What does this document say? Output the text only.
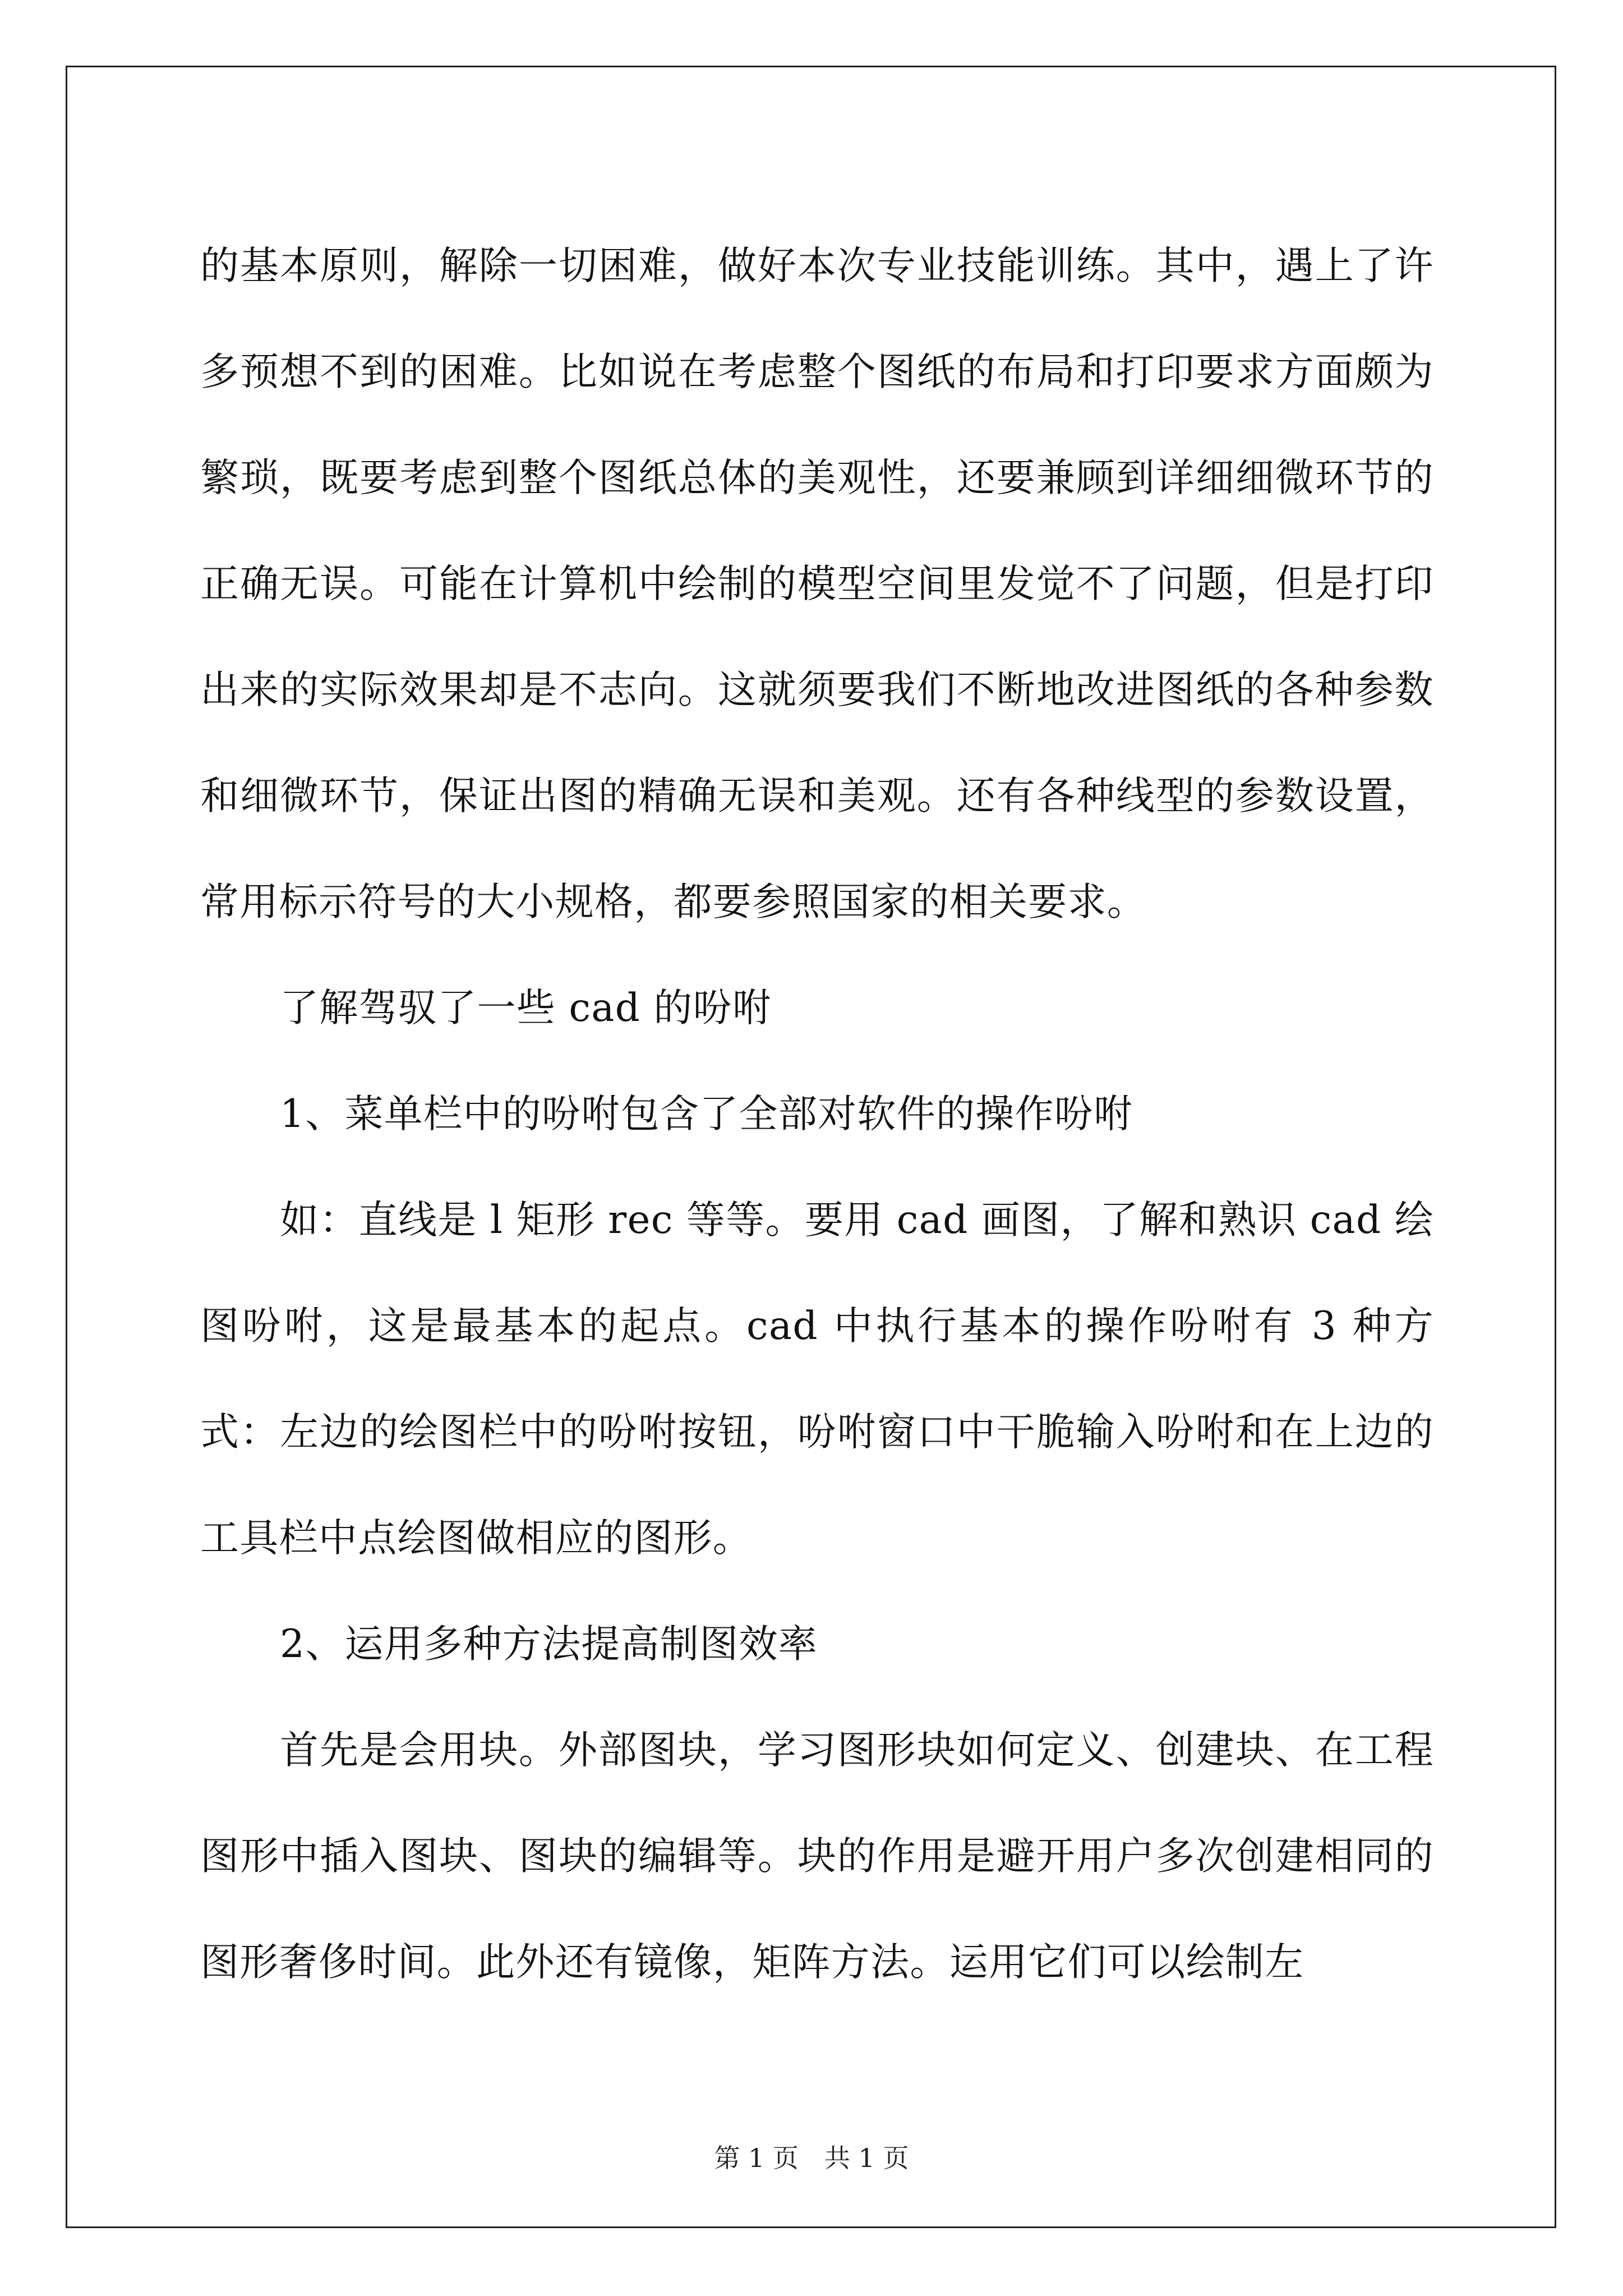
的基本原则，解除一切困难，做好本次专业技能训练。其中，遇上了许多预想不到的困难。比如说在考虑整个图纸的布局和打印要求方面颇为繁琐，既要考虑到整个图纸总体的美观性，还要兼顾到详细细微环节的正确无误。可能在计算机中绘制的模型空间里发觉不了问题，但是打印出来的实际效果却是不志向。这就须要我们不断地改进图纸的各种参数和细微环节，保证出图的精确无误和美观。还有各种线型的参数设置，常用标示符号的大小规格，都要参照国家的相关要求。

了解驾驭了一些 cad 的吩咐

1、菜单栏中的吩咐包含了全部对软件的操作吩咐

如：直线是 l 矩形 rec 等等。要用 cad 画图，了解和熟识 cad 绘图吩咐，这是最基本的起点。cad 中执行基本的操作吩咐有 3 种方式：左边的绘图栏中的吩咐按钮，吩咐窗口中干脆输入吩咐和在上边的工具栏中点绘图做相应的图形。

2、运用多种方法提高制图效率

首先是会用块。外部图块，学习图形块如何定义、创建块、在工程图形中插入图块、图块的编辑等。块的作用是避开用户多次创建相同的图形奢侈时间。此外还有镜像，矩阵方法。运用它们可以绘制左

第 1 页 共 1 页
